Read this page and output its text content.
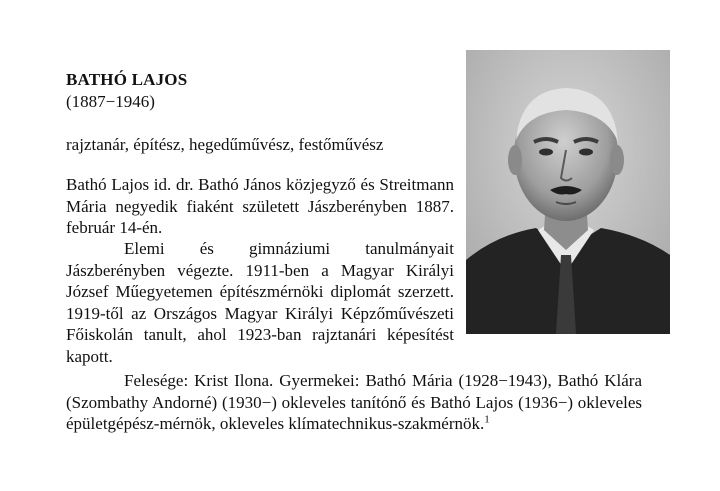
BATHÓ LAJOS
(1887−1946)
rajztanár, építész, hegedűművész, festőművész

Bathó Lajos id. dr. Bathó János közjegyző és Streitmann Mária negyedik fiaként született Jászberényben 1887. február 14-én.

Elemi és gimnáziumi tanulmányait Jászberényben végezte. 1911-ben a Magyar Királyi József Műegyetemen építészmérnöki diplomát szerzett. 1919-től az Országos Magyar Királyi Képzőművészeti Főiskolán tanult, ahol 1923-ban rajztanári képesítést kapott.

Felesége: Krist Ilona. Gyermekei: Bathó Mária (1928−1943), Bathó Klára (Szombathy Andorné) (1930−) okleveles tanítónő és Bathó Lajos (1936−) okleveles épületgépész-mérnök, okleveles klímatechnikus-szakmérnök.$^1$
